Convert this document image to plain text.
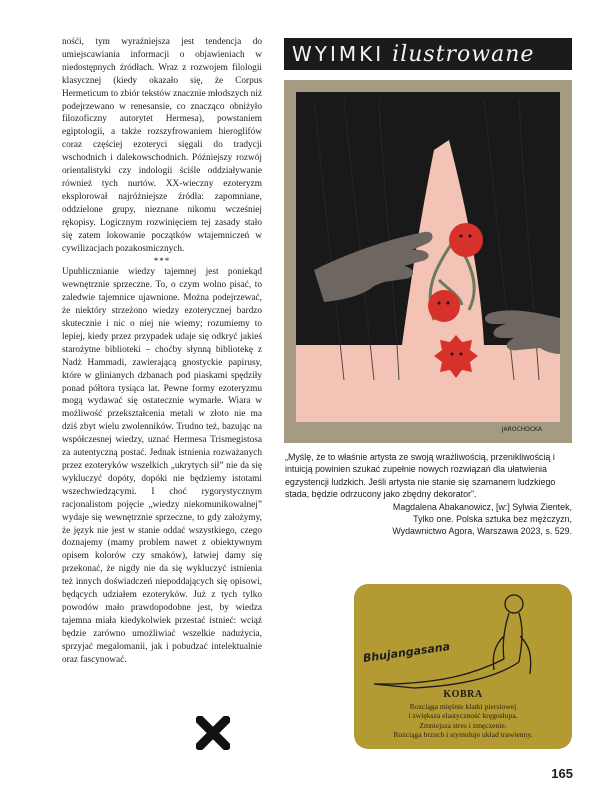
nośći, tym wyraźniejsza jest tendencja do umiejscawiania informacji o objawieniach w niedostępnych źródłach. Wraz z rozwojem filologii klasycznej (kiedy okazało się, że Corpus Hermeticum to zbiór tekstów znacznie młodszych niż podejrzewano w renesansie, co znacząco obniżyło filozoficzny autorytet Hermesa), powstaniem egiptologii, a także rozszyfrowaniem hieroglifów coraz częściej ezoteryci sięgali do tradycji wschodnich i dalekowschodnich. Późniejszy rozwój orientalistyki czy indologii ściśle oddziaływanie również tych nurtów. XX-wieczny ezoteryzm eksplorował najróżniejsze źródła: zapomniane, oddzielone grupy, nieznane nikomu wcześniej rękopisy. Logicznym rozwinięciem tej zasady stało się zatem lokowanie początków wtajemniczeń w cywilizacjach pozakosmicznych.

***

Upublicznianie wiedzy tajemnej jest poniekąd wewnętrznie sprzeczne. To, o czym wolno pisać, to zaledwie tajemnice ujawnione. Można podejrzewać, że niektóry strzeżono wiedzy ezoterycznej bardzo skutecznie i nic o niej nie wiemy; rozumiemy to lepiej, kiedy przez przypadek udaje się odkryć jakieś starożytne biblioteki – choćby słynną bibliotekę z Nadż Hammadi, zawierającą gnostyckie papirusy, które w glinianych dzbanach pod piaskami spędziły ponad półtora tysiąca lat. Pewne formy ezoteryzmu mogą wydawać się ostatecznie wymarłe. Wiara w możliwość przekształcenia metali w złoto nie ma dziś zbyt wielu zwolenników. Trudno też, bazując na współczesnej wiedzy, uznać Hermesa Trismegistosa za autentyczną postać. Jednak istnienia rozważanych przez ezoteryków wszelkich „ukrytych sił” nie da się wykluczyć dopóty, dopóki nie będziemy istotami wszechwiedzącymi. I choć rygorystycznym racjonalistom pojęcie „wiedzy niekomunikowalnej” wydaje się wewnętrznie sprzeczne, to gdy założymy, że język nie jest w stanie oddać wszystkiego, czego doznajemy (mamy problem nawet z obiektywnym opisem kolorów czy smaków), łatwiej damy się przekonać, że nigdy nie da się wykluczyć istnienia też innych doświadczeń niepoddających się opisowi, będących udziałem ezoteryków. Już z tych tylko powodów mało prawdopodobne jest, by wiedza tajemna miała kiedykolwiek przestać istnieć: wciąż będzie zarówno umożliwiać wszelkie nadużycia, sprzyjać megalomanii, jak i pobudzać intelektualnie oraz fascynować.

WYIMKI ilustrowane
JAROCHOCKA
„Myślę, że to właśnie artysta ze swoją wrażliwością, przenikliwością i intuicją powinien szukać zupełnie nowych rozwiązań dla ułatwienia egzystencji ludzkich. Jeśli artysta nie stanie się szamanem ludzkiego stada, będzie odrzucony jako zbędny dekorator”.
Magdalena Abakanowicz, [w:] Sylwia Zientek,
Tylko one. Polska sztuka bez mężczyzn,
Wydawnictwo Agora, Warszawa 2023, s. 529.
Bhujangasana
KOBRA
Rozciąga mięśnie klatki piersiowej
i zwiększa elastyczność kręgosłupa.
Zmniejsza stres i zmęczenie.
Rozciąga brzuch i stymuluje układ trawienny.
165
